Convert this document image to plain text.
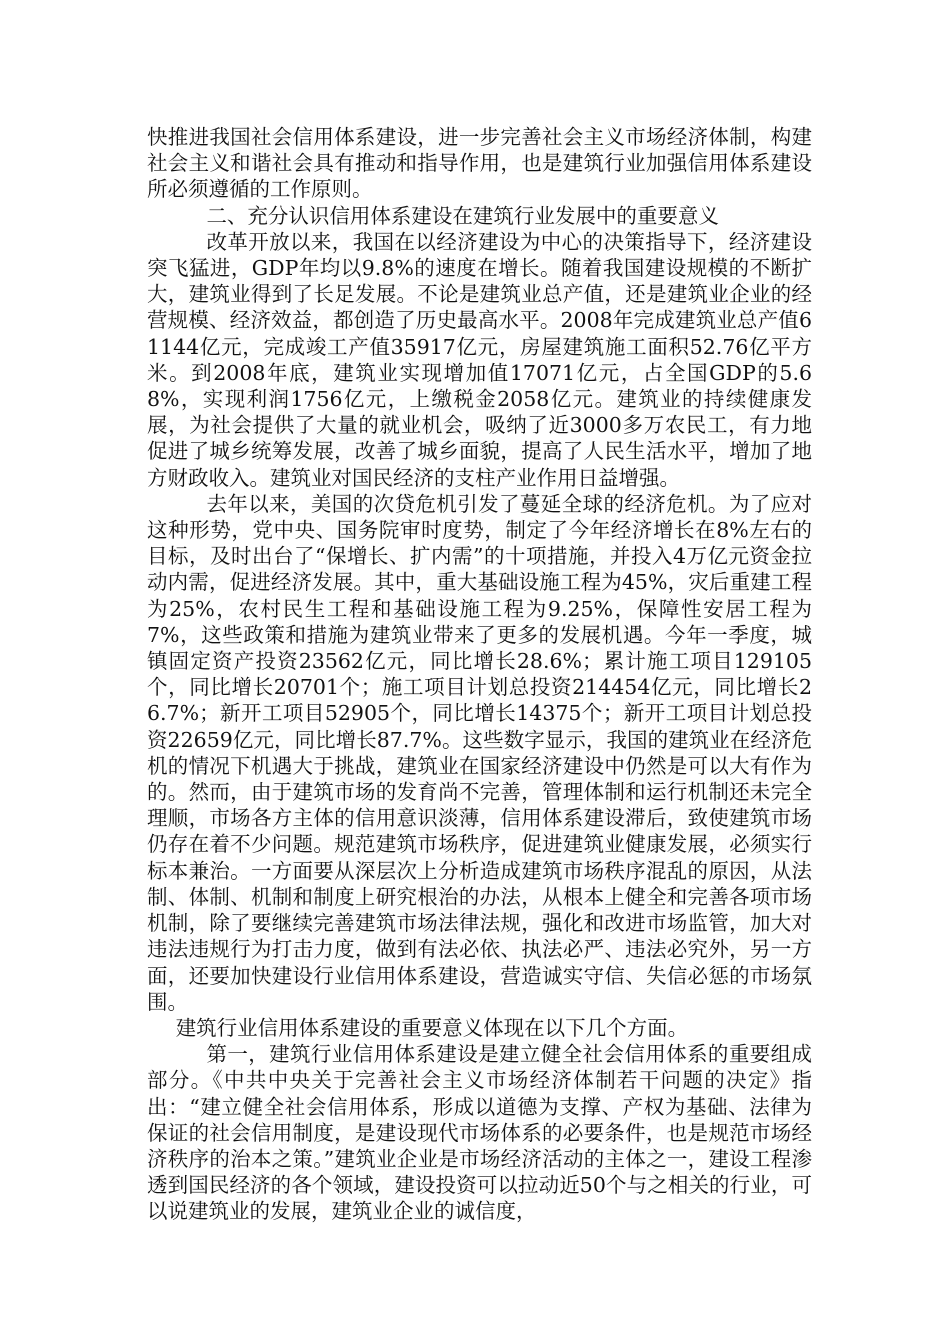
快推进我国社会信用体系建设，进一步完善社会主义市场经济体制，构建社会主义和谐社会具有推动和指导作用，也是建筑行业加强信用体系建设所必须遵循的工作原则。

二、充分认识信用体系建设在建筑行业发展中的重要意义

改革开放以来，我国在以经济建设为中心的决策指导下，经济建设突飞猛进，GDP年均以9.8%的速度在增长。随着我国建设规模的不断扩大，建筑业得到了长足发展。不论是建筑业总产值，还是建筑业企业的经营规模、经济效益，都创造了历史最高水平。2008年完成建筑业总产值61144亿元，完成竣工产值35917亿元，房屋建筑施工面积52.76亿平方米。到2008年底，建筑业实现增加值17071亿元，占全国GDP的5.68%，实现利润1756亿元，上缴税金2058亿元。建筑业的持续健康发展，为社会提供了大量的就业机会，吸纳了近3000多万农民工，有力地促进了城乡统筹发展，改善了城乡面貌，提高了人民生活水平，增加了地方财政收入。建筑业对国民经济的支柱产业作用日益增强。

去年以来，美国的次贷危机引发了蔓延全球的经济危机。为了应对这种形势，党中央、国务院审时度势，制定了今年经济增长在8%左右的目标，及时出台了“保增长、扩内需”的十项措施，并投入4万亿元资金拉动内需，促进经济发展。其中，重大基础设施工程为45%，灾后重建工程为25%，农村民生工程和基础设施工程为9.25%，保障性安居工程为7%，这些政策和措施为建筑业带来了更多的发展机遇。今年一季度，城镇固定资产投资23562亿元，同比增长28.6%；累计施工项目129105个，同比增长20701个；施工项目计划总投资214454亿元，同比增长26.7%；新开工项目52905个，同比增长14375个；新开工项目计划总投资22659亿元，同比增长87.7%。这些数字显示，我国的建筑业在经济危机的情况下机遇大于挑战，建筑业在国家经济建设中仍然是可以大有作为的。然而，由于建筑市场的发育尚不完善，管理体制和运行机制还未完全理顺，市场各方主体的信用意识淡薄，信用体系建设滞后，致使建筑市场仍存在着不少问题。规范建筑市场秩序，促进建筑业健康发展，必须实行标本兼治。一方面要从深层次上分析造成建筑市场秩序混乱的原因，从法制、体制、机制和制度上研究根治的办法，从根本上健全和完善各项市场机制，除了要继续完善建筑市场法律法规，强化和改进市场监管，加大对违法违规行为打击力度，做到有法必依、执法必严、违法必究外，另一方面，还要加快建设行业信用体系建设，营造诚实守信、失信必惩的市场氛围。

建筑行业信用体系建设的重要意义体现在以下几个方面。

第一，建筑行业信用体系建设是建立健全社会信用体系的重要组成部分。《中共中央关于完善社会主义市场经济体制若干问题的决定》指出：“建立健全社会信用体系，形成以道德为支撑、产权为基础、法律为保证的社会信用制度，是建设现代市场体系的必要条件，也是规范市场经济秩序的治本之策。”建筑业企业是市场经济活动的主体之一，建设工程渗透到国民经济的各个领域，建设投资可以拉动近50个与之相关的行业，可以说建筑业的发展，建筑业企业的诚信度，
